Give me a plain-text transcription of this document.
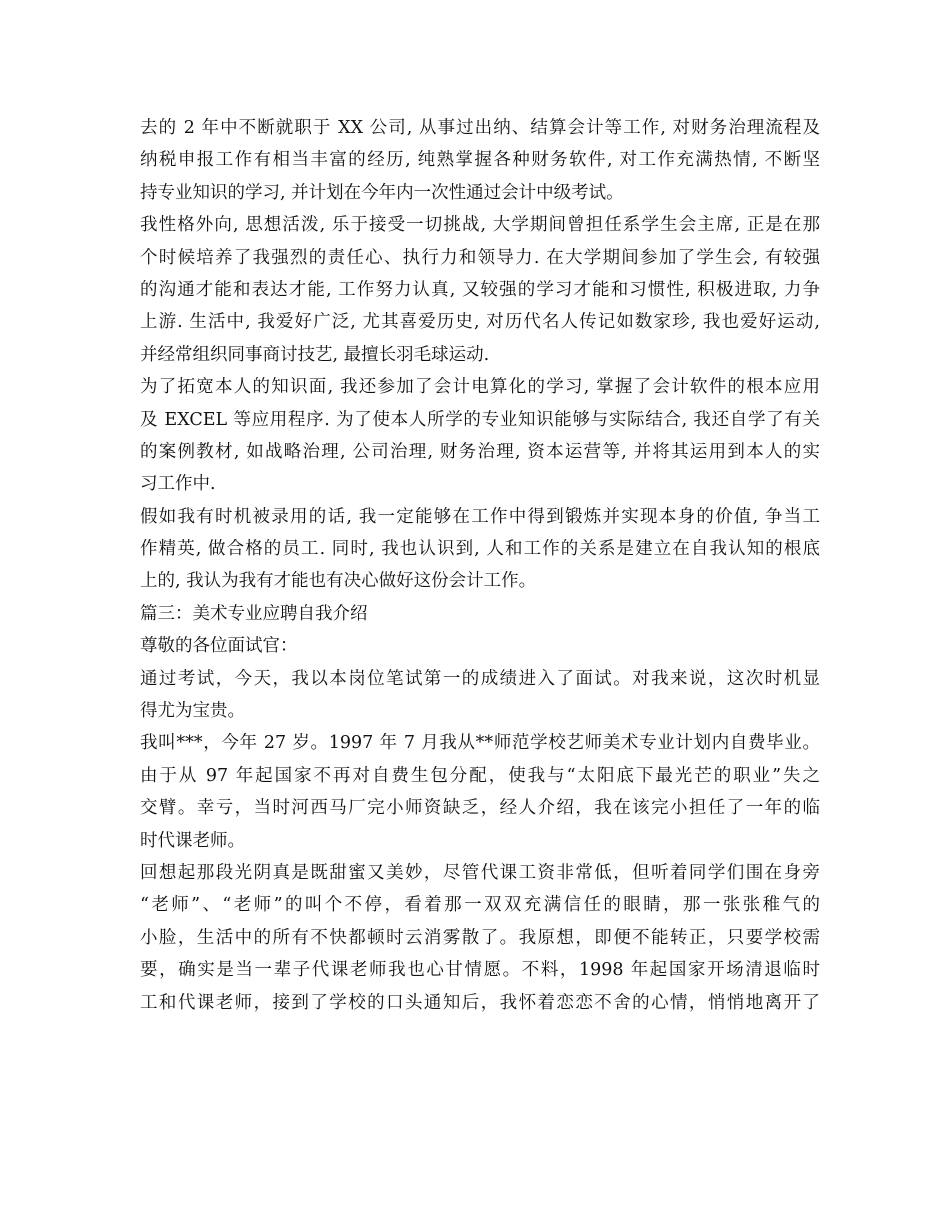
去的 2 年中不断就职于 XX 公司, 从事过出纳、结算会计等工作, 对财务治理流程及
纳税申报工作有相当丰富的经历, 纯熟掌握各种财务软件, 对工作充满热情, 不断坚
持专业知识的学习, 并计划在今年内一次性通过会计中级考试。
我性格外向, 思想活泼, 乐于接受一切挑战, 大学期间曾担任系学生会主席, 正是在那
个时候培养了我强烈的责任心、执行力和领导力. 在大学期间参加了学生会, 有较强
的沟通才能和表达才能, 工作努力认真, 又较强的学习才能和习惯性, 积极进取, 力争
上游. 生活中, 我爱好广泛, 尤其喜爱历史, 对历代名人传记如数家珍, 我也爱好运动,
并经常组织同事商讨技艺, 最擅长羽毛球运动.
为了拓宽本人的知识面, 我还参加了会计电算化的学习, 掌握了会计软件的根本应用
及 EXCEL 等应用程序. 为了使本人所学的专业知识能够与实际结合, 我还自学了有关
的案例教材, 如战略治理, 公司治理, 财务治理, 资本运营等, 并将其运用到本人的实
习工作中.
假如我有时机被录用的话, 我一定能够在工作中得到锻炼并实现本身的价值, 争当工
作精英, 做合格的员工. 同时, 我也认识到, 人和工作的关系是建立在自我认知的根底
上的, 我认为我有才能也有决心做好这份会计工作。
篇三：美术专业应聘自我介绍
尊敬的各位面试官：
通过考试，今天，我以本岗位笔试第一的成绩进入了面试。对我来说，这次时机显
得尤为宝贵。
我叫***，今年 27 岁。1997 年 7 月我从**师范学校艺师美术专业计划内自费毕业。
由于从 97 年起国家不再对自费生包分配，使我与“太阳底下最光芒的职业”失之
交臂。幸亏，当时河西马厂完小师资缺乏，经人介绍，我在该完小担任了一年的临
时代课老师。
回想起那段光阴真是既甜蜜又美妙，尽管代课工资非常低，但听着同学们围在身旁
“老师”、“老师”的叫个不停，看着那一双双充满信任的眼睛，那一张张稚气的
小脸，生活中的所有不快都顿时云消雾散了。我原想，即便不能转正，只要学校需
要，确实是当一辈子代课老师我也心甘情愿。不料，1998 年起国家开场清退临时
工和代课老师，接到了学校的口头通知后，我怀着恋恋不舍的心情，悄悄地离开了
